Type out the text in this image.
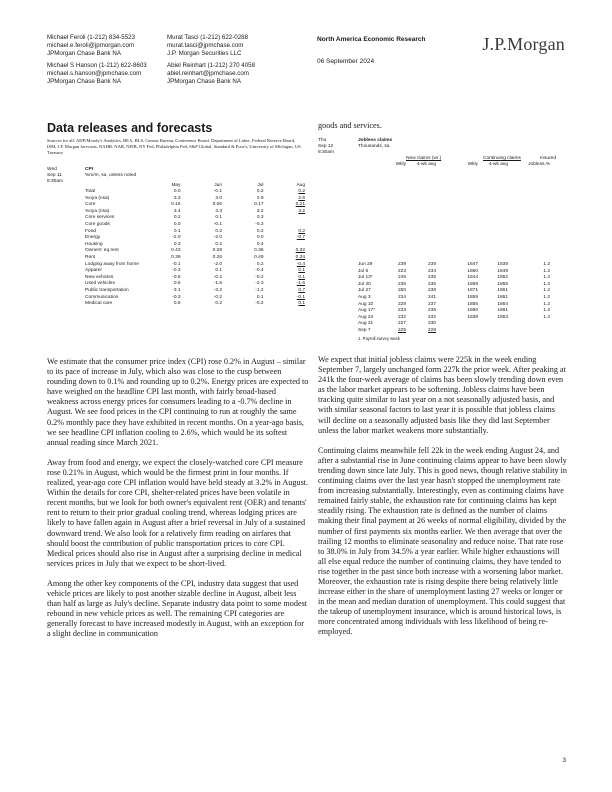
Michael Feroli (1-212) 834-5523
michael.e.feroli@jpmorgan.com
JPMorgan Chase Bank NA
Michael S Hanson (1-212) 622-8603
michael.s.hanson@jpmchase.com
JPMorgan Chase Bank NA
Murat Tasci (1-212) 622-0288
murat.tasci@jpmchase.com
J.P. Morgan Securities LLC
Abiel Reinhart (1-212) 270 4058
abiel.reinhart@jpmchase.com
JPMorgan Chase Bank NA
North America Economic Research
06 September 2024
J.P.Morgan
Data releases and forecasts
Sources for all: ADP/Moody's Analytics, BEA, BLS, Census Bureau, Conference Board, Department of Labor, Federal Reserve Board, ISM, J.P. Morgan forecasts, NAHB, NAR, NFIB, NY Fed, Philadelphia Fed, S&P Global, Standard & Poor's, University of Michigan, US Treasury
Wed
Sep 11
8:30am
CPI
%m/m, sa, unless noted
May	Jun	Jul	Aug
Total	0.0	-0.1	0.2	0.2
%oya (nsa)	3.3	3.0	2.9	2.6
Core	0.16	0.06	0.17	0.21
%oya (nsa)	3.4	3.3	3.2	3.2
Core services	0.2	0.1	0.3
Core goods	0.0	-0.1	-0.3
Food	0.1	0.2	0.2	0.2
Energy	-2.0	-2.0	0.0	-0.7
Housing	0.3	0.2	0.4
Owners' eq.rent	0.43	0.28	0.36	0.32
Rent	0.39	0.26	0.49	0.34
Lodging away from home	-0.1	-2.0	0.2	-0.4
Apparel	-0.3	0.1	-0.4	0.1
New vehicles	-0.5	-0.2	-0.2	0.1
Used vehicles	0.6	-1.5	-2.3	-1.6
Public transportation	-3.1	-3.2	-1.2	0.7
Communication	-0.3	-0.2	0.1	-0.1
Medical care	0.5	0.2	-0.2	0.1

We estimate that the consumer price index (CPI) rose 0.2% in August – similar to its pace of increase in July, which also was close to the cusp between rounding down to 0.1% and rounding up to 0.2%. Energy prices are expected to have weighed on the headline CPI last month, with fairly broad-based weakness across energy prices for consumers leading to a -0.7% decline in August. We see food prices in the CPI continuing to run at roughly the same 0.2% monthly pace they have exhibited in recent months. On a year-ago basis, we see headline CPI inflation cooling to 2.6%, which would be its softest annual reading since March 2021.

Away from food and energy, we expect the closely-watched core CPI measure rose 0.21% in August, which would be the firmest print in four months. If realized, year-ago core CPI inflation would have held steady at 3.2% in August. Within the details for core CPI, shelter-related prices have been volatile in recent months, but we look for both owner's equivalent rent (OER) and tenants' rent to return to their prior gradual cooling trend, whereas lodging prices are likely to have fallen again in August after a brief reversal in July of a sustained downward trend. We also look for a relatively firm reading on airfares that should boost the contribution of public transportation prices to core CPI. Medical prices should also rise in August after a surprising decline in medical services prices in July that we expect to be short-lived.

Among the other key components of the CPI, industry data suggest that used vehicle prices are likely to post another sizable decline in August, albeit less than half as large as July's decline. Separate industry data point to some modest rebound in new vehicle prices as well. The remaining CPI categories are generally forecast to have increased modestly in August, with an exception for a slight decline in communication

goods and services.
Thu
Sep 12
8:30am
Jobless claims
Thousands, sa
New claims (wr.)	Continuing claims	Insured
Wkly	4-wk avg	Wkly	4-wk avg	Jobless,%
Jun 29	239	239	1847	1839	1.2
Jul 6	223	234	1860	1849	1.2
Jul 13*	245	235	1844	1852	1.2
Jul 20	235	236	1869	1855	1.2
Jul 27	250	238	1871	1861	1.2
Aug 3	234	241	1859	1861	1.2
Aug 10	228	237	1855	1864	1.2
Aug 17*	233	236	1860	1861	1.2
Aug 24	232	232	1838	1853	1.2
Aug 31	227	230
Sep 7	225	228
1. Payroll survey week

We expect that initial jobless claims were 225k in the week ending September 7, largely unchanged form 227k the prior week. After peaking at 241k the four-week average of claims has been slowly trending down even as the labor market appears to be softening. Jobless claims have been tracking quite similar to last year on a not seasonally adjusted basis, and with similar seasonal factors to last year it is possible that jobless claims will decline on a seasonally adjusted basis like they did last September unless the labor market weakens more substantially.

Continuing claims meanwhile fell 22k in the week ending August 24, and after a substantial rise in June continuing claims appear to have been slowly trending down since late July. This is good news, though relative stability in continuing claims over the last year hasn't stopped the unemployment rate from increasing substantially. Interestingly, even as continuing claims have remained fairly stable, the exhaustion rate for continuing claims has kept steadily rising. The exhaustion rate is defined as the number of claims making their final payment at 26 weeks of normal eligibility, divided by the number of first payments six months earlier. We then average that over the trailing 12 months to eliminate seasonality and reduce noise. That rate rose to 38.0% in July from 34.5% a year earlier. While higher exhaustions will all else equal reduce the number of continuing claims, they have tended to rise together in the past since both increase with a worsening labor market. Moreover, the exhaustion rate is rising despite there being relatively little increase either in the share of unemployment lasting 27 weeks or longer or in the mean and median duration of unemployment. This could suggest that the takeup of unemployment insurance, which is around historical lows, is more concentrated among individuals with less likelihood of being re-employed.

3
